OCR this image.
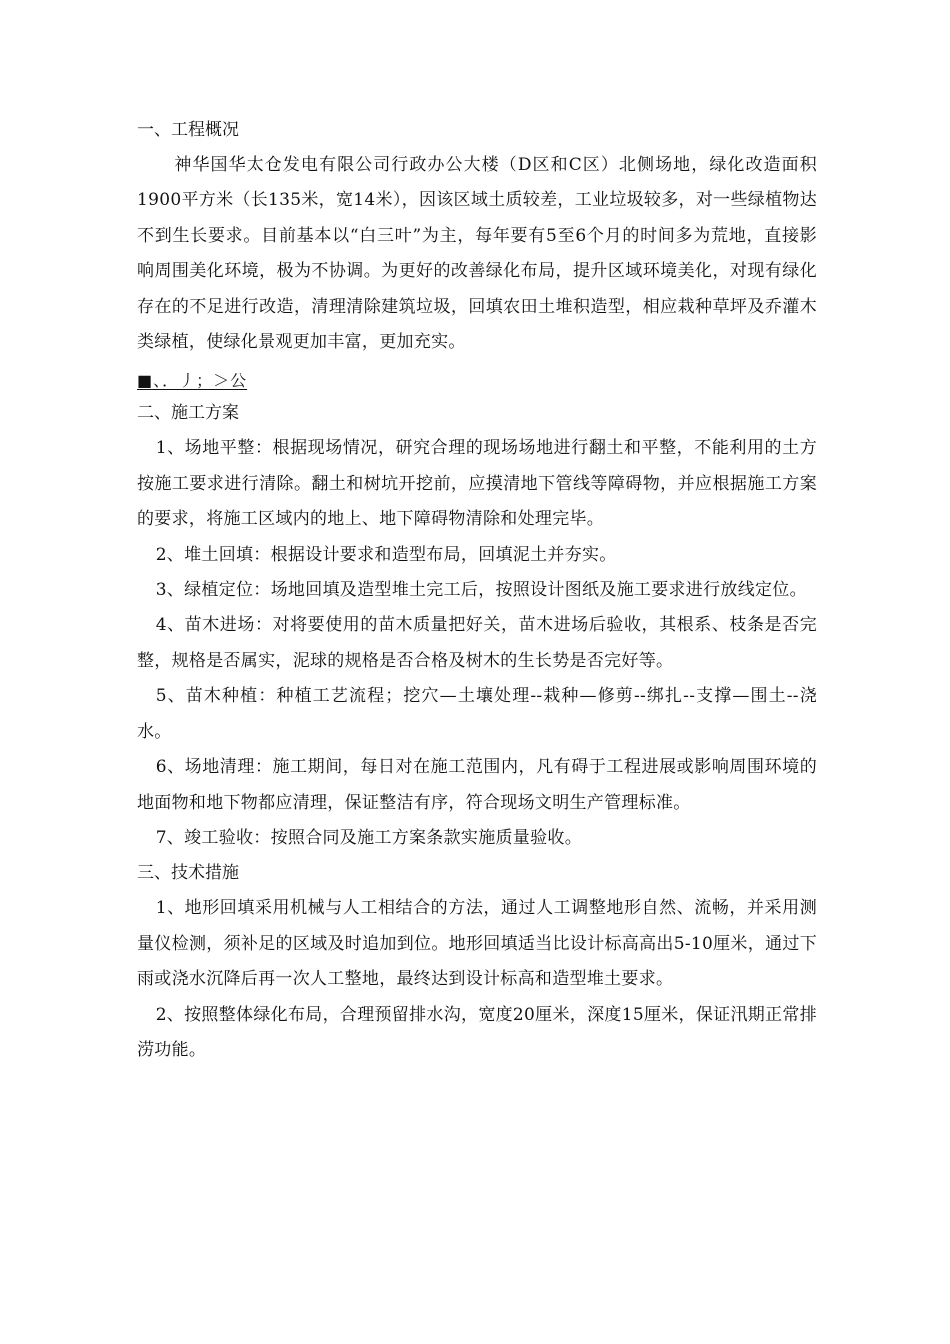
一、工程概况

神华国华太仓发电有限公司行政办公大楼（D区和C区）北侧场地，绿化改造面积1900平方米（长135米，宽14米），因该区域土质较差，工业垃圾较多，对一些绿植物达不到生长要求。目前基本以“白三叶”为主，每年要有5至6个月的时间多为荒地，直接影响周围美化环境，极为不协调。为更好的改善绿化布局，提升区域环境美化，对现有绿化存在的不足进行改造，清理清除建筑垃圾，回填农田土堆积造型，相应栽种草坪及乔灌木类绿植，使绿化景观更加丰富，更加充实。

■、．丿；＞公
二、施工方案

1、场地平整：根据现场情况，研究合理的现场场地进行翻土和平整，不能利用的土方按施工要求进行清除。翻土和树坑开挖前，应摸清地下管线等障碍物，并应根据施工方案的要求，将施工区域内的地上、地下障碍物清除和处理完毕。

2、堆土回填：根据设计要求和造型布局，回填泥土并夯实。

3、绿植定位：场地回填及造型堆土完工后，按照设计图纸及施工要求进行放线定位。

4、苗木进场：对将要使用的苗木质量把好关，苗木进场后验收，其根系、枝条是否完整，规格是否属实，泥球的规格是否合格及树木的生长势是否完好等。

5、苗木种植：种植工艺流程；挖穴—土壤处理--栽种—修剪--绑扎--支撑—围土--浇水。

6、场地清理：施工期间，每日对在施工范围内，凡有碍于工程进展或影响周围环境的地面物和地下物都应清理，保证整洁有序，符合现场文明生产管理标准。

7、竣工验收：按照合同及施工方案条款实施质量验收。

三、技术措施

1、地形回填采用机械与人工相结合的方法，通过人工调整地形自然、流畅，并采用测量仪检测，须补足的区域及时追加到位。地形回填适当比设计标高高出5-10厘米，通过下雨或浇水沉降后再一次人工整地，最终达到设计标高和造型堆土要求。

2、按照整体绿化布局，合理预留排水沟，宽度20厘米，深度15厘米，保证汛期正常排涝功能。
